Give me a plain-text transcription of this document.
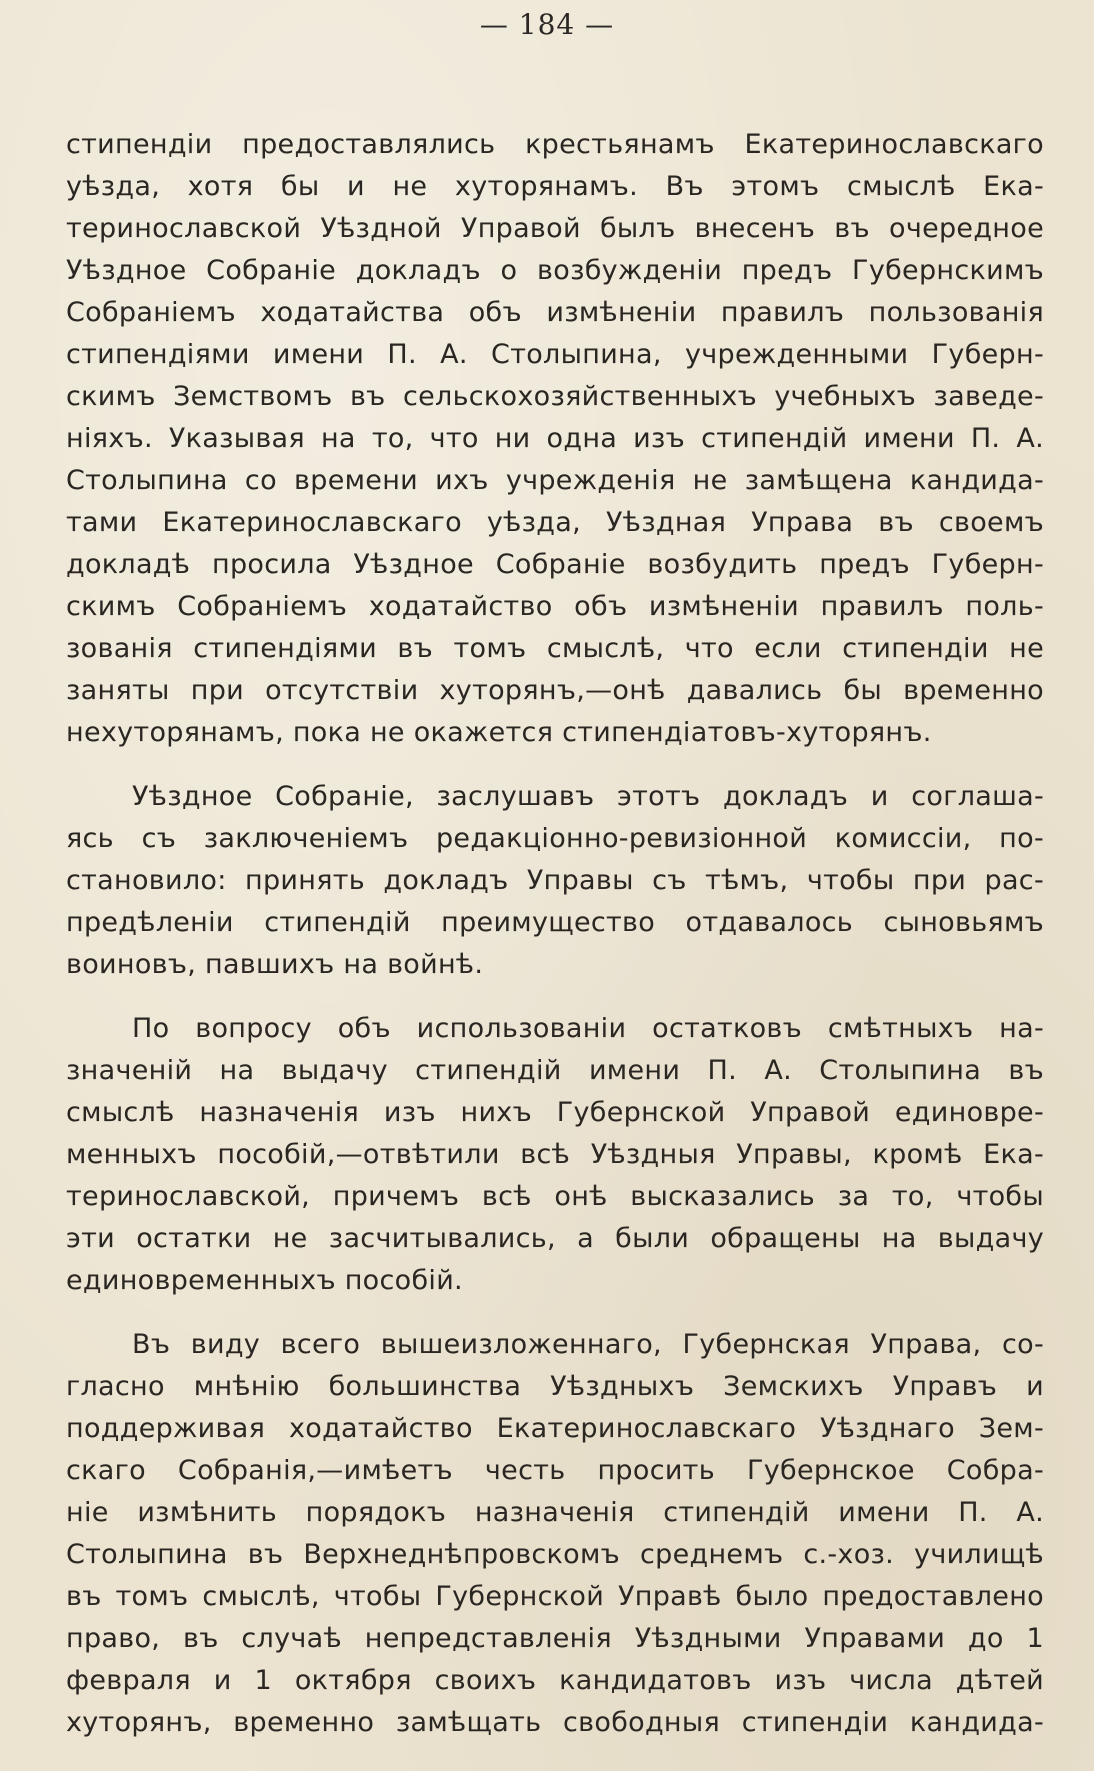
— 184 —
стипендіи предоставлялись крестьянамъ Екатеринославскаго
уѣзда, хотя бы и не хуторянамъ. Въ этомъ смыслѣ Ека-
теринославской Уѣздной Управой былъ внесенъ въ очередное
Уѣздное Собраніе докладъ о возбужденіи предъ Губернскимъ
Собраніемъ ходатайства объ измѣненіи правилъ пользованія
стипендіями имени П. А. Столыпина, учрежденными Губерн-
скимъ Земствомъ въ сельскохозяйственныхъ учебныхъ заведе-
ніяхъ. Указывая на то, что ни одна изъ стипендій имени П. А.
Столыпина со времени ихъ учрежденія не замѣщена кандида-
тами Екатеринославскаго уѣзда, Уѣздная Управа въ своемъ
докладѣ просила Уѣздное Собраніе возбудить предъ Губерн-
скимъ Собраніемъ ходатайство объ измѣненіи правилъ поль-
зованія стипендіями въ томъ смыслѣ, что если стипендіи не
заняты при отсутствіи хуторянъ,—онѣ давались бы временно
нехуторянамъ, пока не окажется стипендіатовъ-хуторянъ.
Уѣздное Собраніе, заслушавъ этотъ докладъ и соглаша-
ясь съ заключеніемъ редакціонно-ревизіонной комиссіи, по-
становило: принять докладъ Управы съ тѣмъ, чтобы при рас-
предѣленіи стипендій преимущество отдавалось сыновьямъ
воиновъ, павшихъ на войнѣ.
По вопросу объ использованіи остатковъ смѣтныхъ на-
значеній на выдачу стипендій имени П. А. Столыпина въ
смыслѣ назначенія изъ нихъ Губернской Управой единовре-
менныхъ пособій,—отвѣтили всѣ Уѣздныя Управы, кромѣ Ека-
теринославской, причемъ всѣ онѣ высказались за то, чтобы
эти остатки не засчитывались, а были обращены на выдачу
единовременныхъ пособій.
Въ виду всего вышеизложеннаго, Губернская Управа, со-
гласно мнѣнію большинства Уѣздныхъ Земскихъ Управъ и
поддерживая ходатайство Екатеринославскаго Уѣзднаго Зем-
скаго Собранія,—имѣетъ честь просить Губернское Собра-
ніе измѣнить порядокъ назначенія стипендій имени П. А.
Столыпина въ Верхнеднѣпровскомъ среднемъ с.-хоз. училищѣ
въ томъ смыслѣ, чтобы Губернской Управѣ было предоставлено
право, въ случаѣ непредставленія Уѣздными Управами до 1
февраля и 1 октября своихъ кандидатовъ изъ числа дѣтей
хуторянъ, временно замѣщать свободныя стипендіи кандида-
